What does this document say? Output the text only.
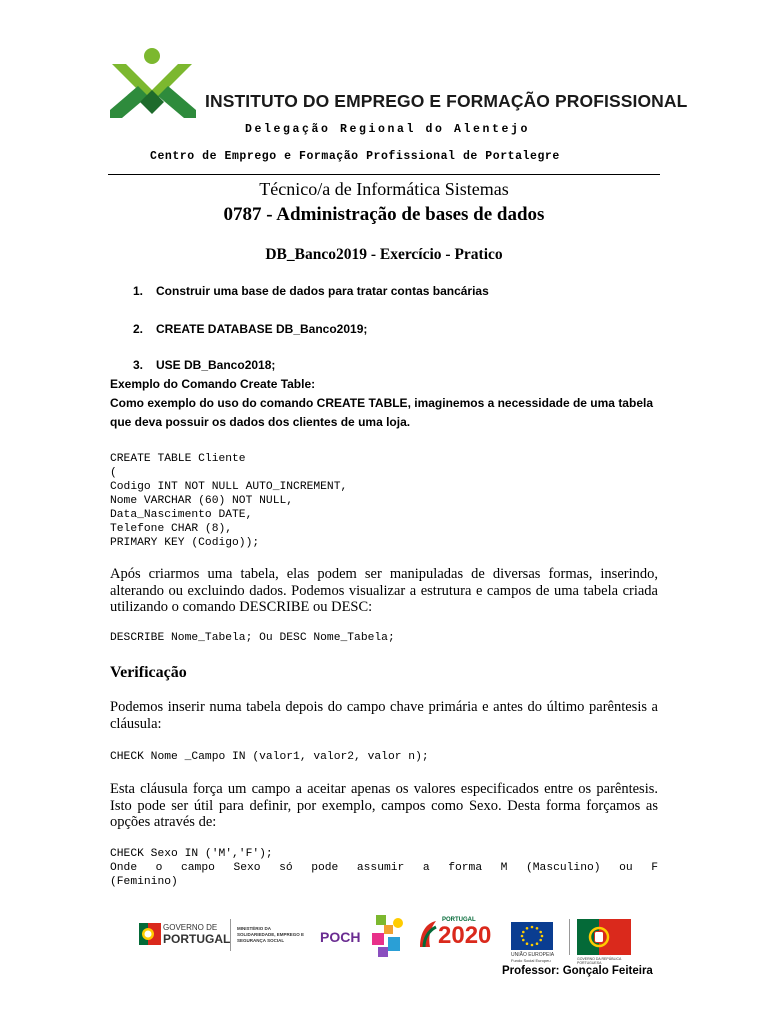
INSTITUTO DO EMPREGO E FORMAÇÃO PROFISSIONAL
Delegação Regional do Alentejo
Centro de Emprego e Formação Profissional de Portalegre
Técnico/a de Informática Sistemas
0787 - Administração de bases de dados
DB_Banco2019 - Exercício - Pratico
1. Construir uma base de dados para tratar contas bancárias
2. CREATE DATABASE DB_Banco2019;
3. USE DB_Banco2018;
Exemplo do Comando Create Table:
Como exemplo do uso do comando CREATE TABLE, imaginemos a necessidade de uma tabela
que deva possuir os dados dos clientes de uma loja.
CREATE TABLE Cliente
(
Codigo INT NOT NULL AUTO_INCREMENT,
Nome VARCHAR (60) NOT NULL,
Data_Nascimento DATE,
Telefone CHAR (8),
PRIMARY KEY (Codigo));
Após criarmos uma tabela, elas podem ser manipuladas de diversas formas, inserindo, alterando ou excluindo dados. Podemos visualizar a estrutura e campos de uma tabela criada utilizando o comando DESCRIBE ou DESC:
DESCRIBE Nome_Tabela; Ou DESC Nome_Tabela;
Verificação
Podemos inserir numa tabela depois do campo chave primária e antes do último parêntesis a cláusula:
CHECK Nome _Campo IN (valor1, valor2, valor n);
Esta cláusula força um campo a aceitar apenas os valores especificados entre os parêntesis. Isto pode ser útil para definir, por exemplo, campos como Sexo. Desta forma forçamos as opções através de:
CHECK Sexo IN ('M','F');
Onde o campo Sexo só pode assumir a forma M (Masculino) ou F
(Feminino)
GOVERNO DE
PORTUGAL
MINISTÉRIO DA SOLIDARIEDADE, EMPREGO E SEGURANÇA SOCIAL	POCH
PORTUGAL
2020
UNIÃO EUROPEIA
Fundo Social Europeu	GOVERNO DA REPÚBLICA PORTUGUESA
Professor: Gonçalo Feiteira
